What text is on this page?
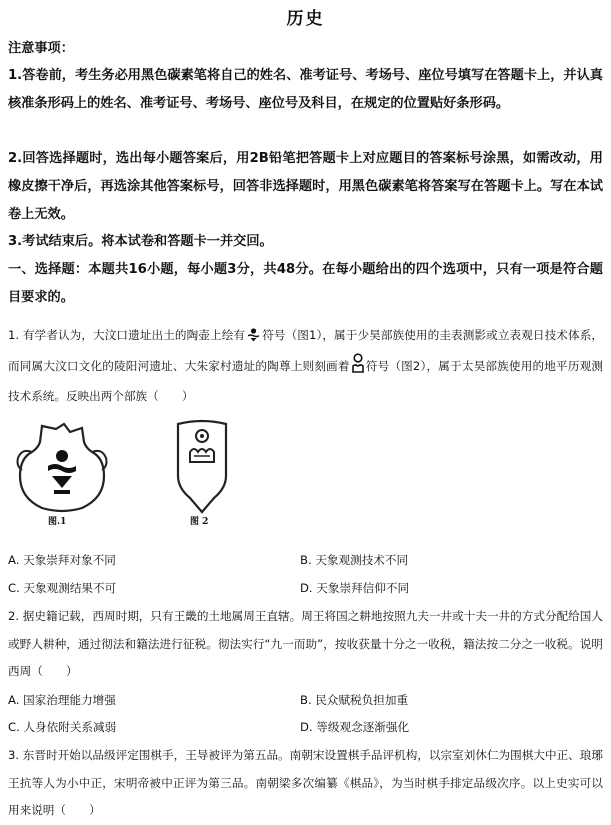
历史
注意事项：
1.答卷前，考生务必用黑色碳素笔将自己的姓名、准考证号、考场号、座位号填写在答题卡上，并认真核准条形码上的姓名、准考证号、考场号、座位号及科目，在规定的位置贴好条形码。
2.回答选择题时，选出每小题答案后，用2B铅笔把答题卡上对应题目的答案标号涂黑，如需改动，用橡皮擦干净后，再选涂其他答案标号，回答非选择题时，用黑色碳素笔将答案写在答题卡上。写在本试卷上无效。
3.考试结束后。将本试卷和答题卡一并交回。
一、选择题：本题共16小题，每小题3分，共48分。在每小题给出的四个选项中，只有一项是符合题目要求的。
1. 有学者认为，大汶口遗址出土的陶壶上绘有 符号（图1），属于少昊部族使用的圭表测影或立表观日技术体系，而同属大汶口文化的陵阳河遗址、大朱家村遗址的陶尊上则刻画着 符号（图2），属于太昊部族使用的地平历观测技术系统。反映出两个部族（　　）
图.1	图 2
A. 天象崇拜对象不同	B. 天象观测技术不同
C. 天象观测结果不可	D. 天象崇拜信仰不同
2. 据史籍记载，西周时期，只有王畿的土地属周王直辖。周王将国之耕地按照九夫一井或十夫一井的方式分配给国人或野人耕种，通过彻法和籍法进行征税。彻法实行“九一而助”，按收获量十分之一收税，籍法按二分之一收税。说明西周（　　）
A. 国家治理能力增强	B. 民众赋税负担加重
C. 人身依附关系减弱	D. 等级观念逐渐强化
3. 东晋时开始以品级评定围棋手，王导被评为第五品。南朝宋设置棋手品评机构，以宗室刘休仁为围棋大中正、琅琊王抗等人为小中正，宋明帝被中正评为第三品。南朝梁多次编纂《棋品》，为当时棋手排定品级次序。以上史实可以用来说明（　　）
